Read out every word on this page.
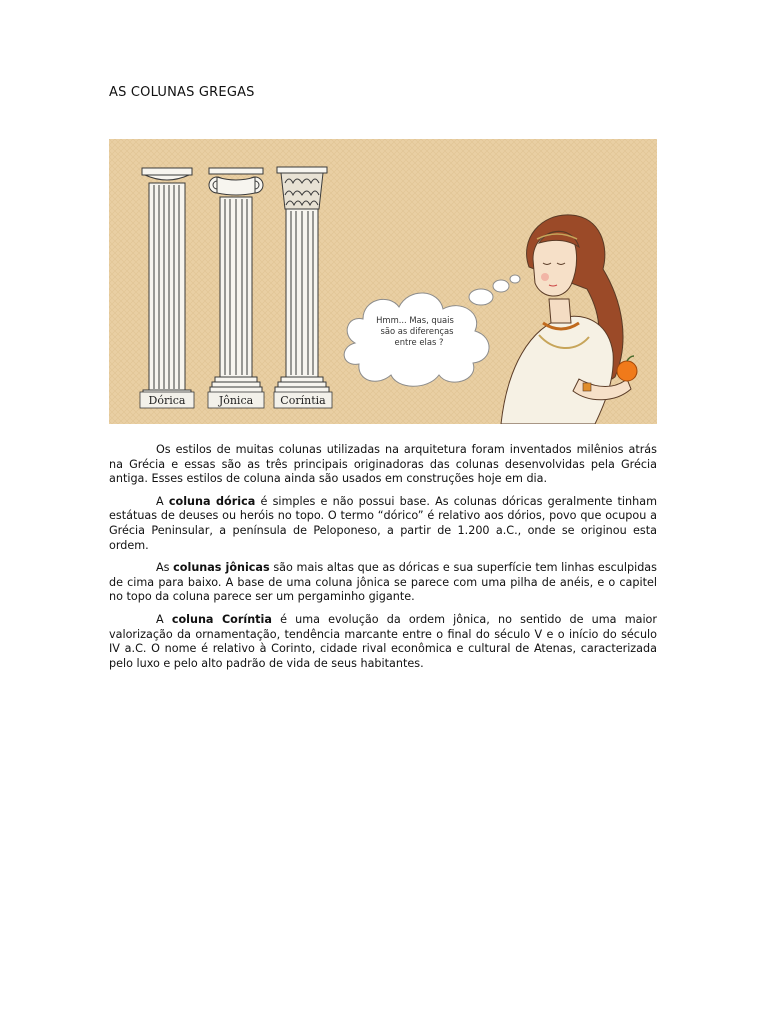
AS COLUNAS GREGAS
Dórica	Jônica Coríntia
Hmm... Mas, quais
são as diferenças
entre elas ?

Os estilos de muitas colunas utilizadas na arquitetura foram inventados milênios atrás na Grécia e essas são as três principais originadoras das colunas desenvolvidas pela Grécia antiga. Esses estilos de coluna ainda são usados em construções hoje em dia.

A coluna dórica é simples e não possui base. As colunas dóricas geralmente tinham estátuas de deuses ou heróis no topo. O termo “dórico” é relativo aos dórios, povo que ocupou a Grécia Peninsular, a península de Peloponeso, a partir de 1.200 a.C., onde se originou esta ordem.

As colunas jônicas são mais altas que as dóricas e sua superfície tem linhas esculpidas de cima para baixo. A base de uma coluna jônica se parece com uma pilha de anéis, e o capitel no topo da coluna parece ser um pergaminho gigante.

A coluna Coríntia é uma evolução da ordem jônica, no sentido de uma maior valorização da ornamentação, tendência marcante entre o final do século V e o início do século IV a.C. O nome é relativo à Corinto, cidade rival econômica e cultural de Atenas, caracterizada pelo luxo e pelo alto padrão de vida de seus habitantes.
